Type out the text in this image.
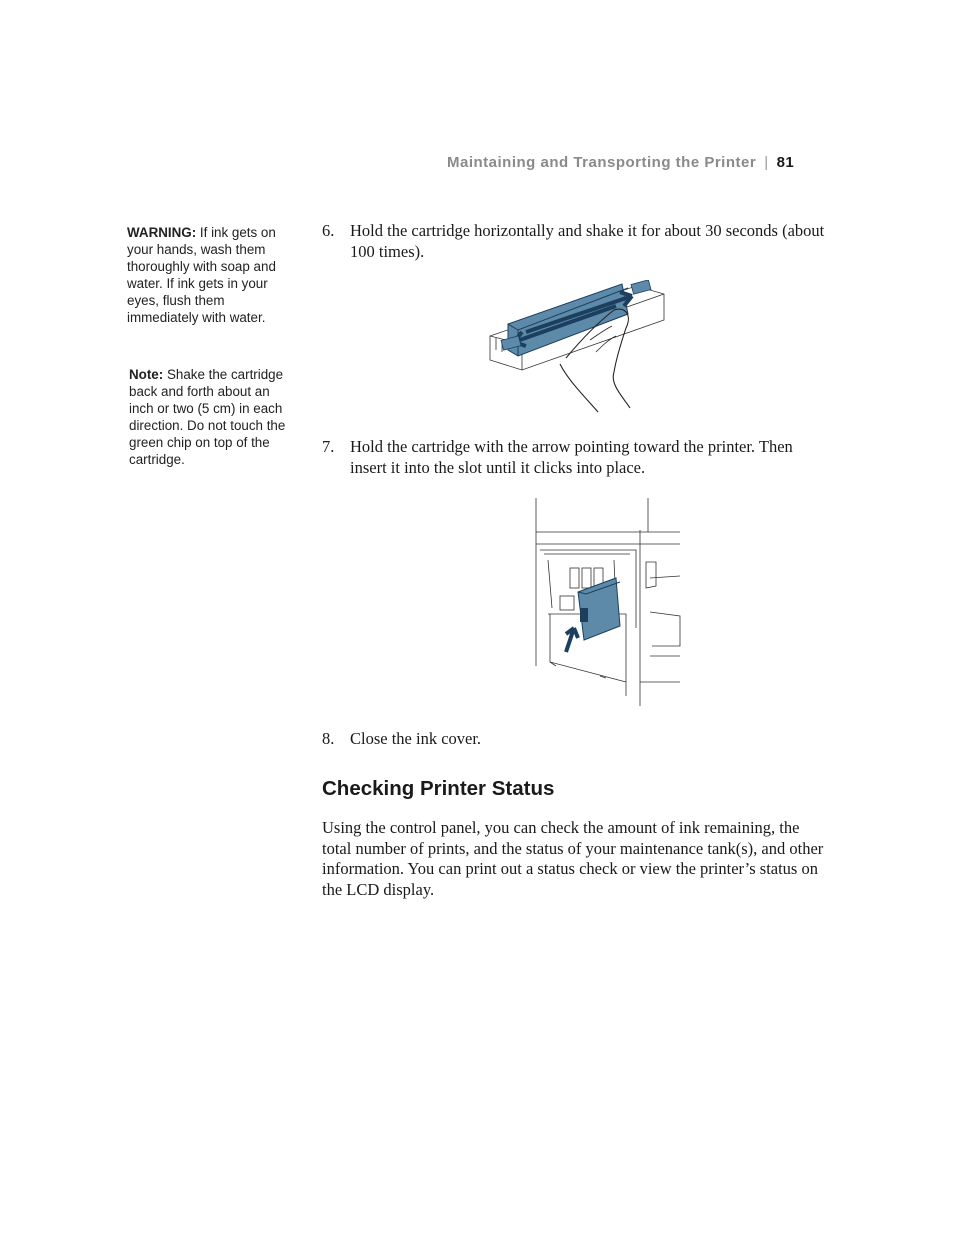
Maintaining and Transporting the Printer | 81
WARNING: If ink gets on your hands, wash them thoroughly with soap and water. If ink gets in your eyes, flush them immediately with water.
Note: Shake the cartridge back and forth about an inch or two (5 cm) in each direction. Do not touch the green chip on top of the cartridge.
6. Hold the cartridge horizontally and shake it for about 30 seconds (about 100 times).
7. Hold the cartridge with the arrow pointing toward the printer. Then insert it into the slot until it clicks into place.
8. Close the ink cover.
Checking Printer Status

Using the control panel, you can check the amount of ink remaining, the total number of prints, and the status of your maintenance tank(s), and other information. You can print out a status check or view the printer’s status on the LCD display.
